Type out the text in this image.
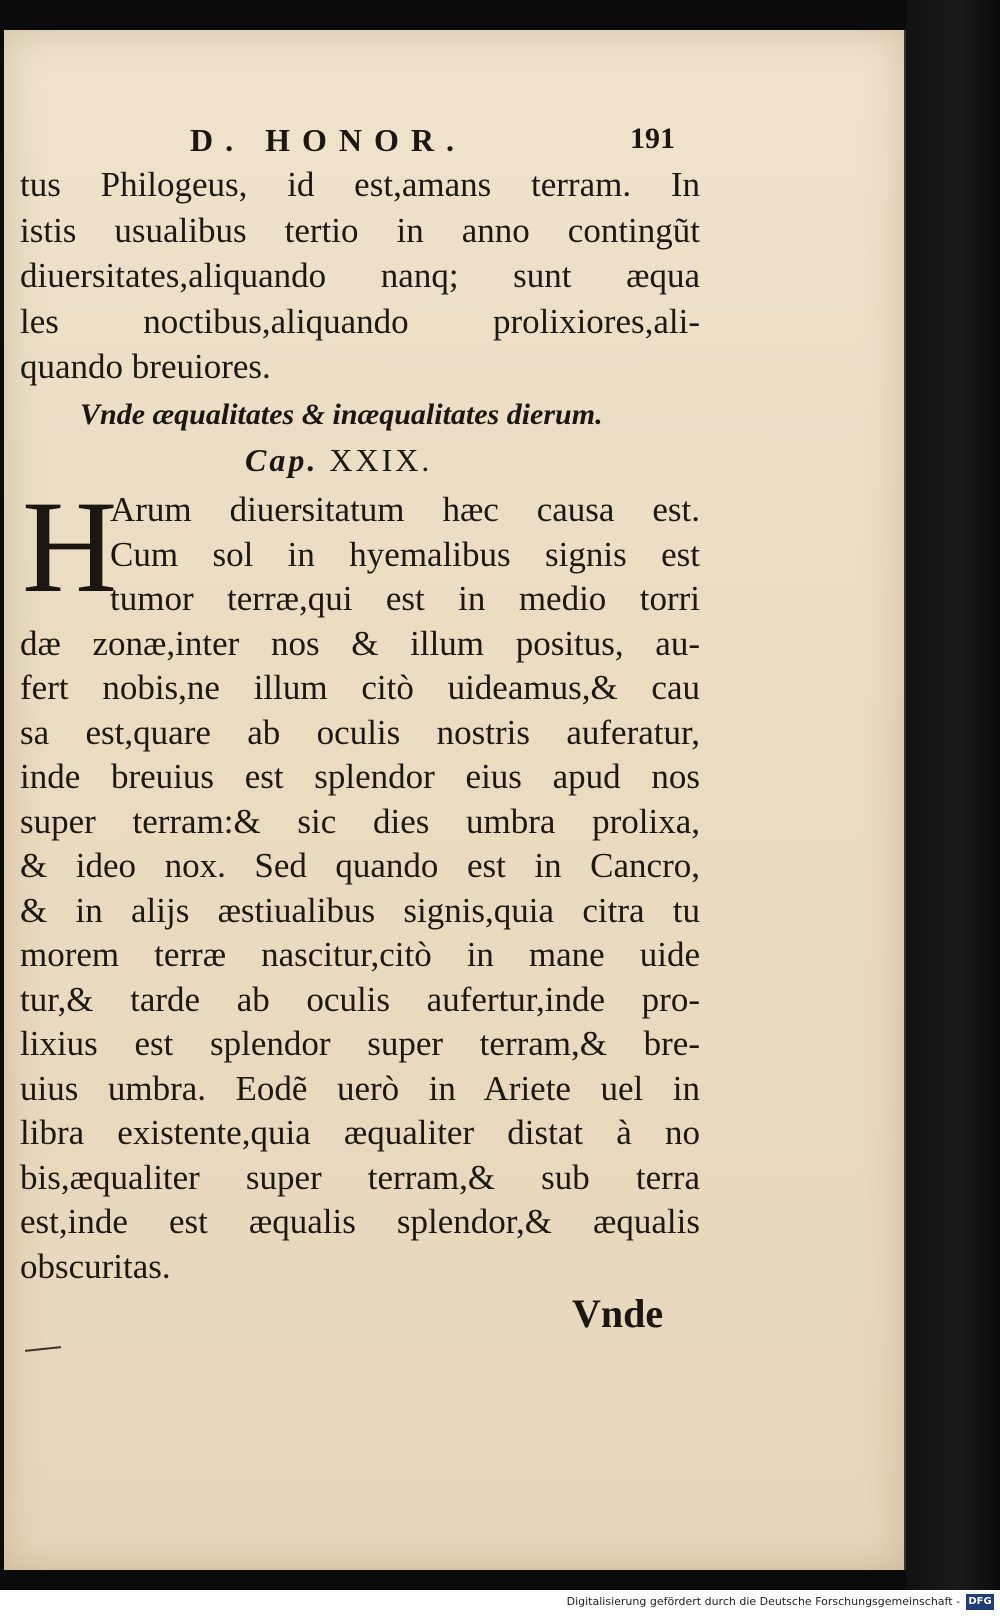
D. HONOR.	191
tus Philogeus, id est,amans terram. In
istis usualibus tertio in anno contingũt
diuersitates,aliquando nanq; sunt æqua
les noctibus,aliquando prolixiores,ali-
quando breuiores.
Vnde æqualitates & inæqualitates dierum.
Cap. XXIX.
H
Arum diuersitatum hæc causa est.
Cum sol in hyemalibus signis est
tumor terræ,qui est in medio torri
dæ zonæ,inter nos & illum positus, au-
fert nobis,ne illum citò uideamus,& cau
sa est,quare ab oculis nostris auferatur,
inde breuius est splendor eius apud nos
super terram:& sic dies umbra prolixa,
& ideo nox. Sed quando est in Cancro,
& in alijs æstiualibus signis,quia citra tu
morem terræ nascitur,citò in mane uide
tur,& tarde ab oculis aufertur,inde pro-
lixius est splendor super terram,& bre-
uius umbra. Eodẽ uerò in Ariete uel in
libra existente,quia æqualiter distat à no
bis,æqualiter super terram,& sub terra
est,inde est æqualis splendor,& æqualis
obscuritas.
Vnde
Digitalisierung gefördert durch die Deutsche Forschungsgemeinschaft - DFG
